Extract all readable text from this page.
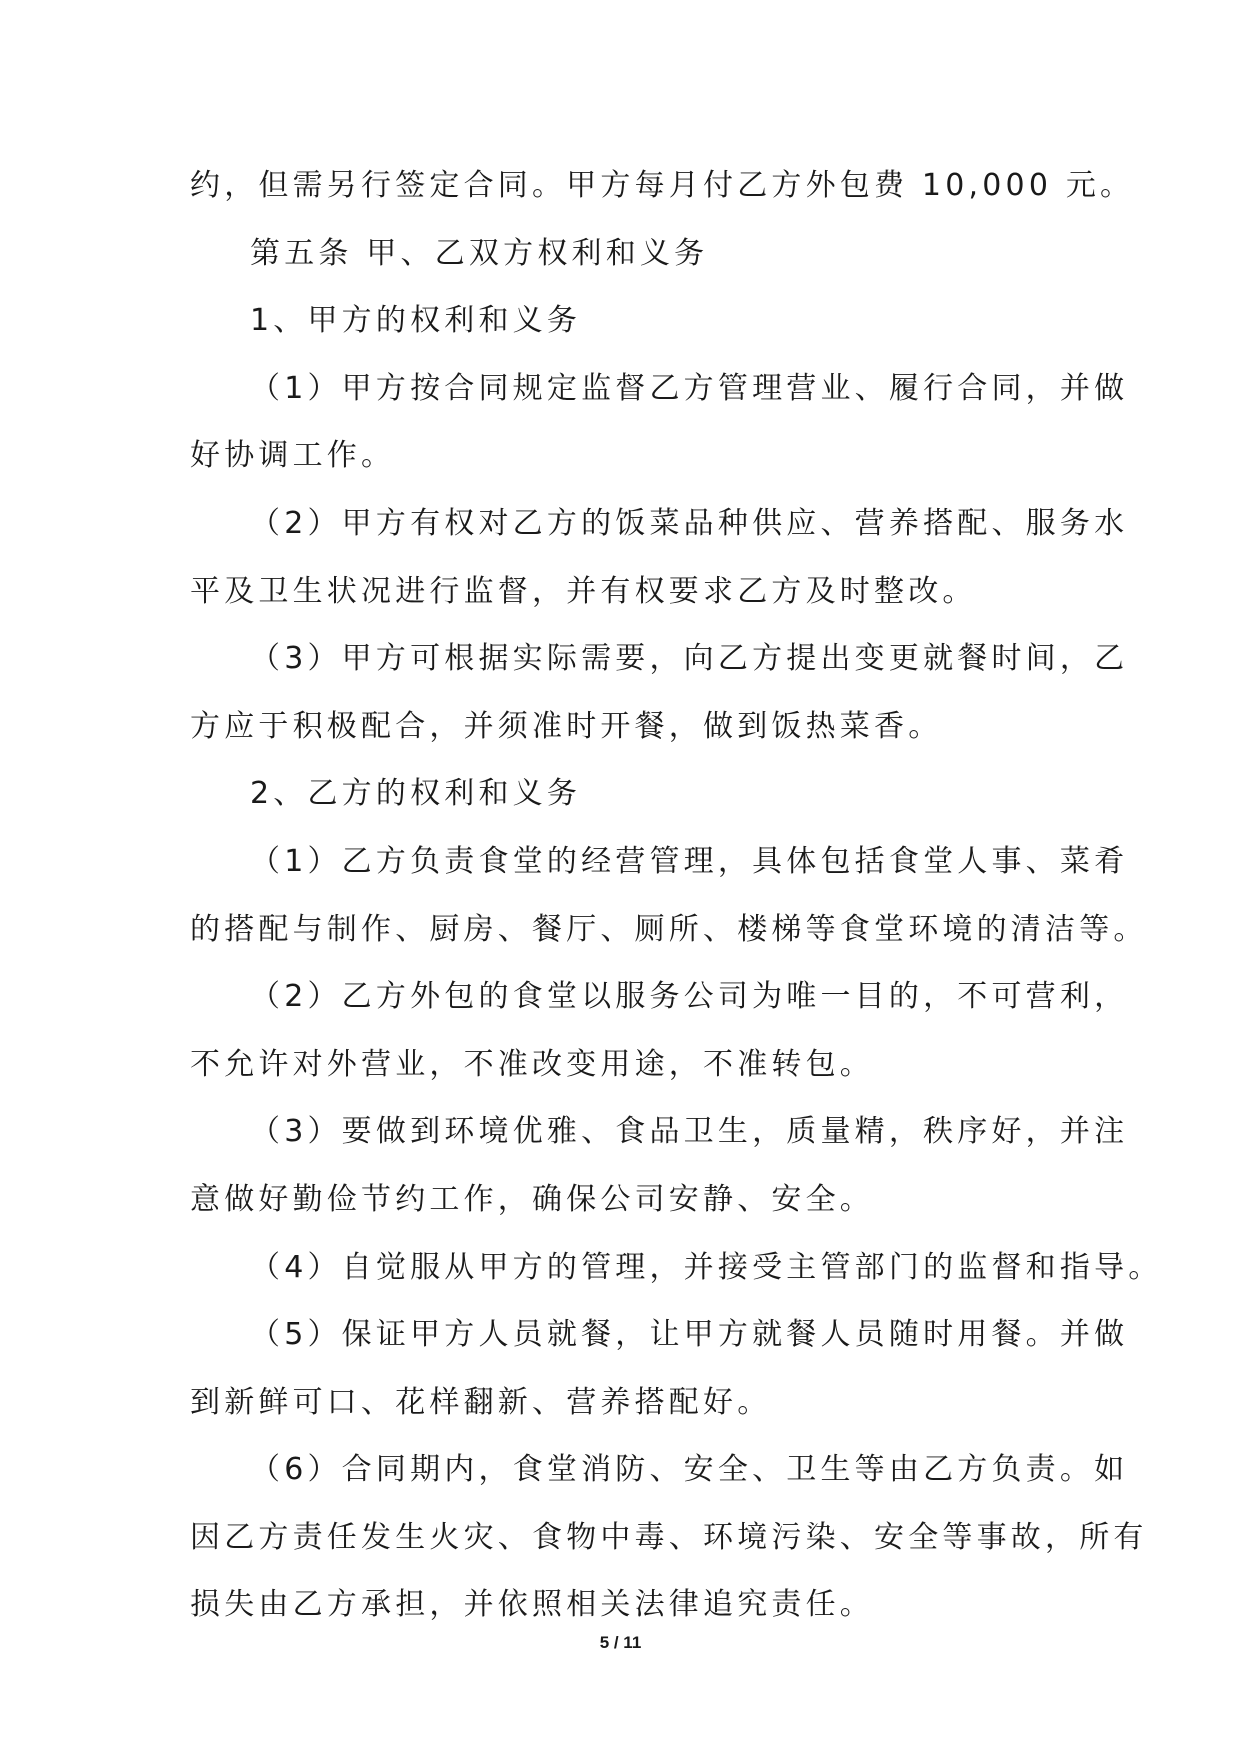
约，但需另行签定合同。甲方每月付乙方外包费 10,000 元。
第五条 甲、乙双方权利和义务
1、甲方的权利和义务
（1）甲方按合同规定监督乙方管理营业、履行合同，并做
好协调工作。
（2）甲方有权对乙方的饭菜品种供应、营养搭配、服务水
平及卫生状况进行监督，并有权要求乙方及时整改。
（3）甲方可根据实际需要，向乙方提出变更就餐时间，乙
方应于积极配合，并须准时开餐，做到饭热菜香。
2、乙方的权利和义务
（1）乙方负责食堂的经营管理，具体包括食堂人事、菜肴
的搭配与制作、厨房、餐厅、厕所、楼梯等食堂环境的清洁等。
（2）乙方外包的食堂以服务公司为唯一目的，不可营利，
不允许对外营业，不准改变用途，不准转包。
（3）要做到环境优雅、食品卫生，质量精，秩序好，并注
意做好勤俭节约工作，确保公司安静、安全。
（4）自觉服从甲方的管理，并接受主管部门的监督和指导。
（5）保证甲方人员就餐，让甲方就餐人员随时用餐。并做
到新鲜可口、花样翻新、营养搭配好。
（6）合同期内，食堂消防、安全、卫生等由乙方负责。如
因乙方责任发生火灾、食物中毒、环境污染、安全等事故，所有
损失由乙方承担，并依照相关法律追究责任。
5 / 11
